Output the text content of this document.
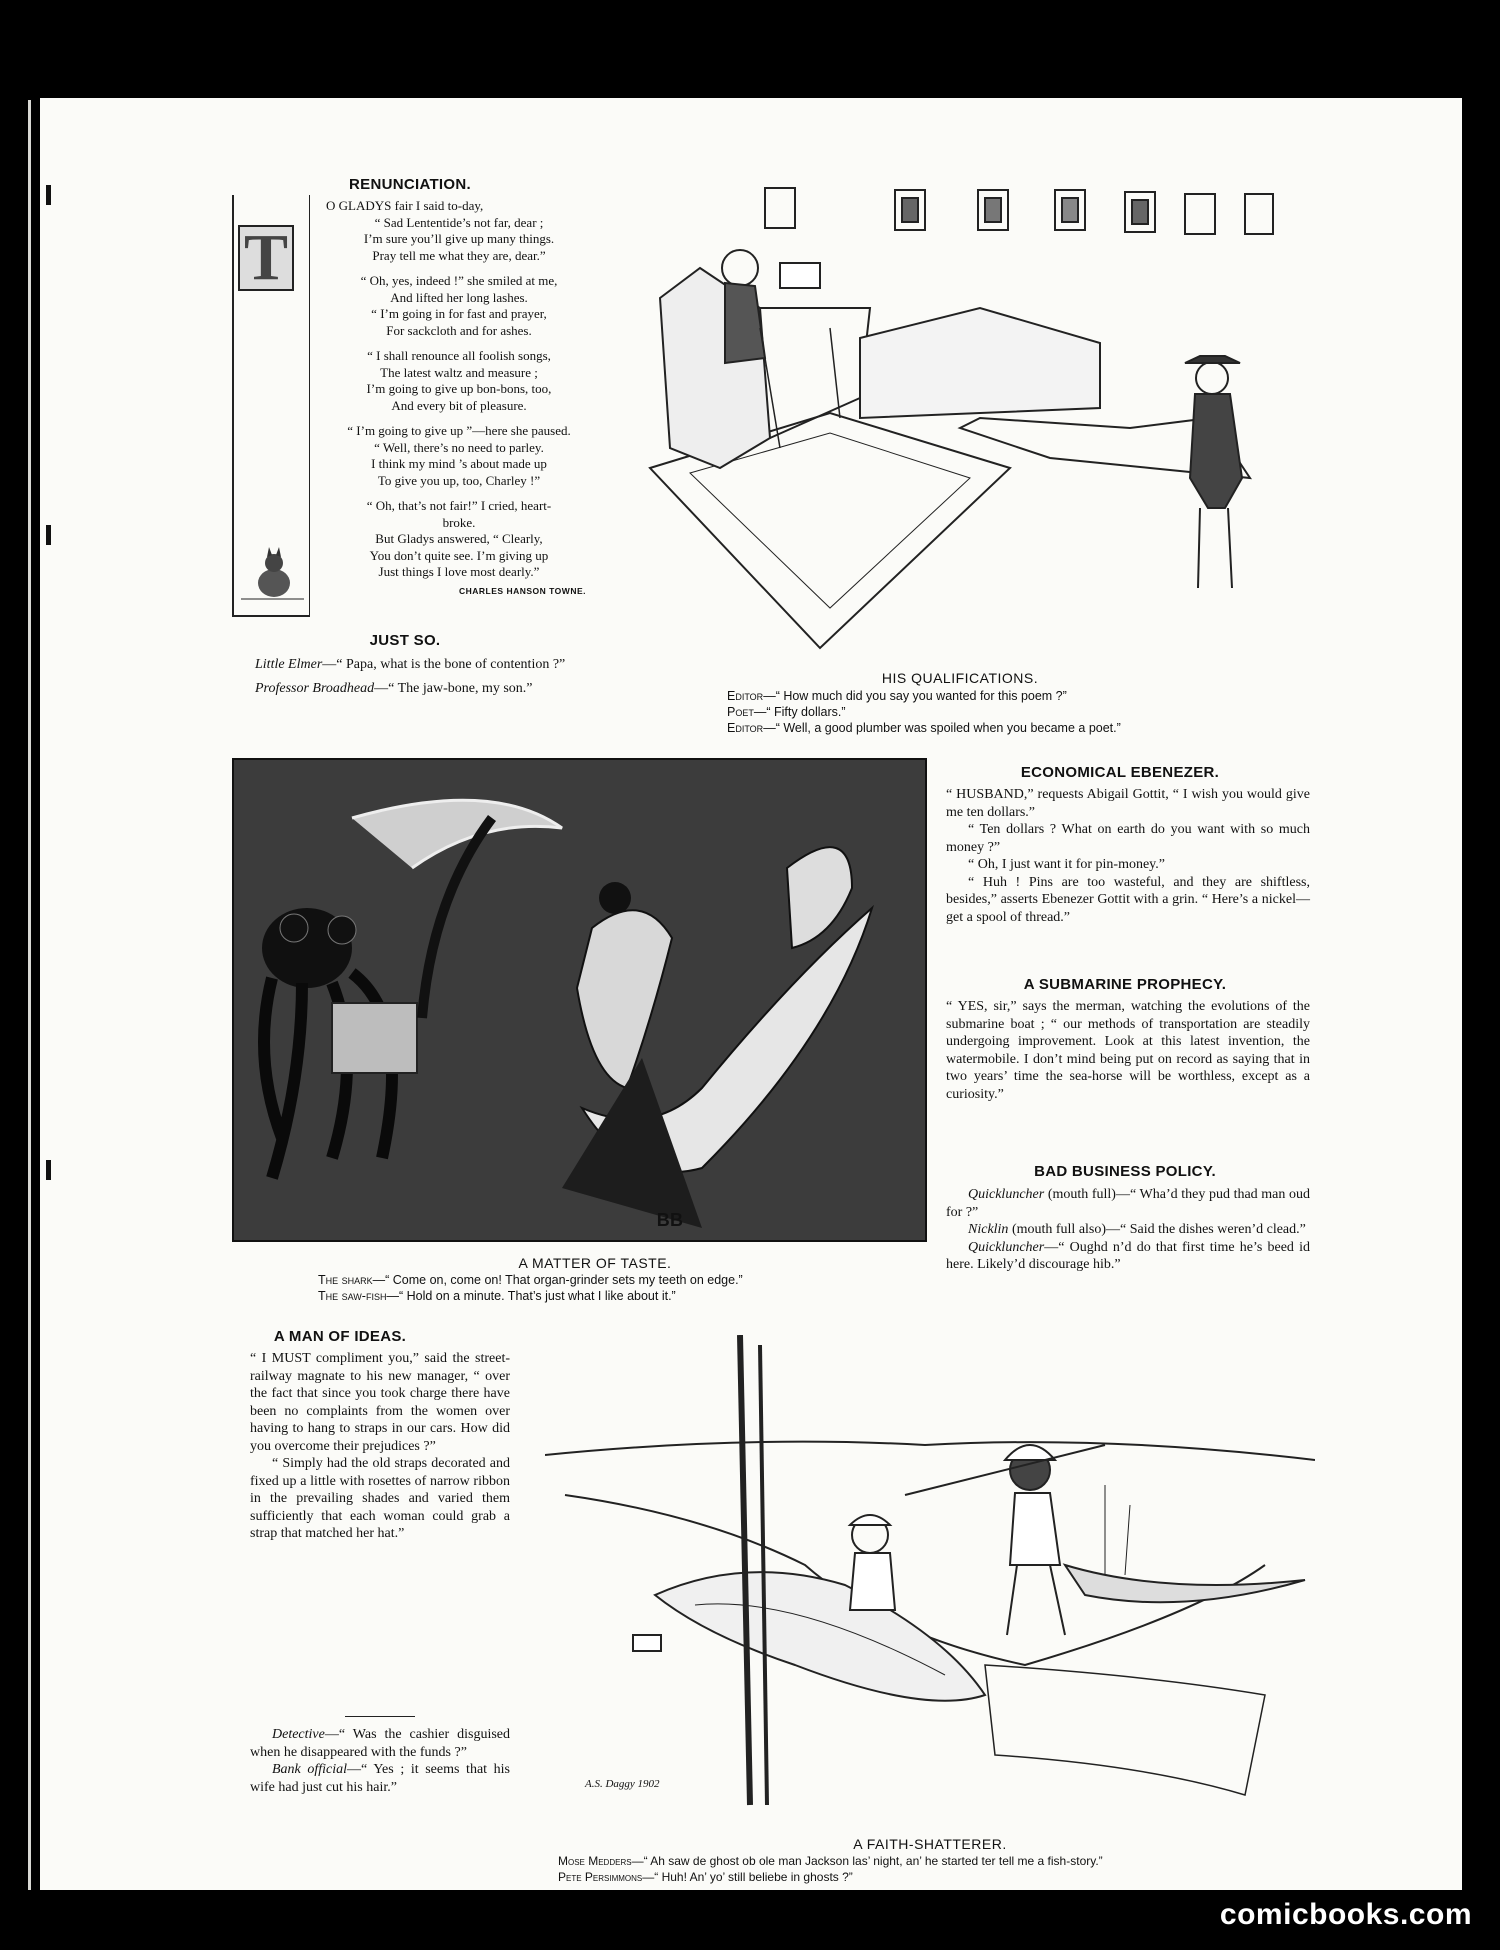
RENUNCIATION.
T
O GLADYS fair I said to-day,
“ Sad Lententide’s not far, dear ;
I’m sure you’ll give up many things.
Pray tell me what they are, dear.”
“ Oh, yes, indeed !” she smiled at me,
And lifted her long lashes.
“ I’m going in for fast and prayer,
For sackcloth and for ashes.
“ I shall renounce all foolish songs,
The latest waltz and measure ;
I’m going to give up bon-bons, too,
And every bit of pleasure.
“ I’m going to give up ”—here she paused.
“ Well, there’s no need to parley.
I think my mind ’s about made up
To give you up, too, Charley !”
“ Oh, that’s not fair!” I cried, heart-
broke.
But Gladys answered, “ Clearly,
You don’t quite see. I’m giving up
Just things I love most dearly.”
CHARLES HANSON TOWNE.
JUST SO.

Little Elmer—“ Papa, what is the bone of contention ?”

Professor Broadhead—“ The jaw-bone, my son.”

HIS QUALIFICATIONS.
Editor—“ How much did you say you wanted for this poem ?”
Poet—“ Fifty dollars.”
Editor—“ Well, a good plumber was spoiled when you became a poet.”
BB
A MATTER OF TASTE.
The shark—“ Come on, come on! That organ-grinder sets my teeth on edge.”
The saw-fish—“ Hold on a minute. That’s just what I like about it.”
ECONOMICAL EBENEZER.

“ HUSBAND,” requests Abigail Gottit, “ I wish you would give me ten dollars.”

“ Ten dollars ? What on earth do you want with so much money ?”

“ Oh, I just want it for pin-money.”

“ Huh ! Pins are too wasteful, and they are shiftless, besides,” asserts Ebenezer Gottit with a grin. “ Here’s a nickel—get a spool of thread.”

A SUBMARINE PROPHECY.

“ YES, sir,” says the merman, watching the evolutions of the submarine boat ; “ our methods of transportation are steadily undergoing improvement. Look at this latest invention, the watermobile. I don’t mind being put on record as saying that in two years’ time the sea-horse will be worthless, except as a curiosity.”

BAD BUSINESS POLICY.

Quickluncher (mouth full)—“ Wha’d they pud thad man oud for ?”

Nicklin (mouth full also)—“ Said the dishes weren’d clead.”

Quickluncher—“ Oughd n’d do that first time he’s beed id here. Likely’d discourage hib.”

A MAN OF IDEAS.

“ I MUST compliment you,” said the street-railway magnate to his new manager, “ over the fact that since you took charge there have been no complaints from the women over having to hang to straps in our cars. How did you overcome their prejudices ?”

“ Simply had the old straps decorated and fixed up a little with rosettes of narrow ribbon in the prevailing shades and varied them sufficiently that each woman could grab a strap that matched her hat.”

Detective—“ Was the cashier disguised when he disappeared with the funds ?”

Bank official—“ Yes ; it seems that his wife had just cut his hair.”	A.S. Daggy 1902
A FAITH-SHATTERER.
Mose Medders—“ Ah saw de ghost ob ole man Jackson las’ night, an’ he started ter tell me a fish-story.”
Pete Persimmons—“ Huh! An’ yo’ still beliebe in ghosts ?”
comicbooks.com
